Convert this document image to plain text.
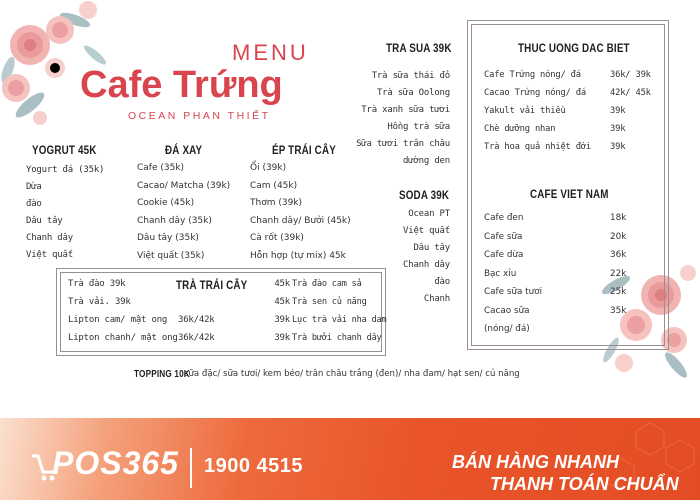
MENU
Cafe Trứng
OCEAN PHAN THIẾT
YOGRUT 45K
Yogurt đá (35k)
Dừa
đào
Dâu tây
Chanh dây
Việt quất
ĐÁ XAY
Cafe (35k)
Cacao/ Matcha (39k)
Cookie (45k)
Chanh dây (35k)
Dâu tây (35k)
Việt quất (35k)
ÉP TRÁI CÂY
Ổi (39k)
Cam (45k)
Thơm (39k)
Chanh dây/ Bưởi (45k)
Cà rốt (39k)
Hỗn hợp (tự mix) 45k
TRA SUA 39K
Trà sữa thái đỏ
Trà sữa Oolong
Trà xanh sữa tươi
Hồng trà sữa
Sữa tươi trân châu
dường den
SODA 39K
Ocean PT
Việt quất
Dâu tây
Chanh dây
đào
Chanh
TRÀ TRÁI CÂY
Trà đào 39k
Trà vải. 39k
Lipton cam/ mật ong
Lipton chanh/ mật ong
36k/42k
36k/42k
45k
45k
39k
39k
Trà đào cam sả
Trà sen củ năng
Lục trà vải nha dam
Trà bưởi chanh dây
THUC UONG DAC BIET
Cafe Trứng nóng/ đá
Cacao Trứng nóng/ đá
Yakult vải thiều
Chè dưỡng nhan
Trà hoa quả nhiệt đới
36k/ 39k
42k/ 45k
39k
39k
39k
CAFE VIET NAM
Cafe đen
Cafe sữa
Cafe dừa
Bạc xỉu
Cafe sữa tươi
Cacao sữa
(nóng/ đá)
18k
20k
36k
22k
25k
35k
TOPPING 10Ksữa đặc/ sữa tươi/ kem béo/ trân châu trắng (đen)/ nha đam/ hạt sen/ củ năng
POS365 1900 4515	BÁN HÀNG NHANH
THANH TOÁN CHUẨN
